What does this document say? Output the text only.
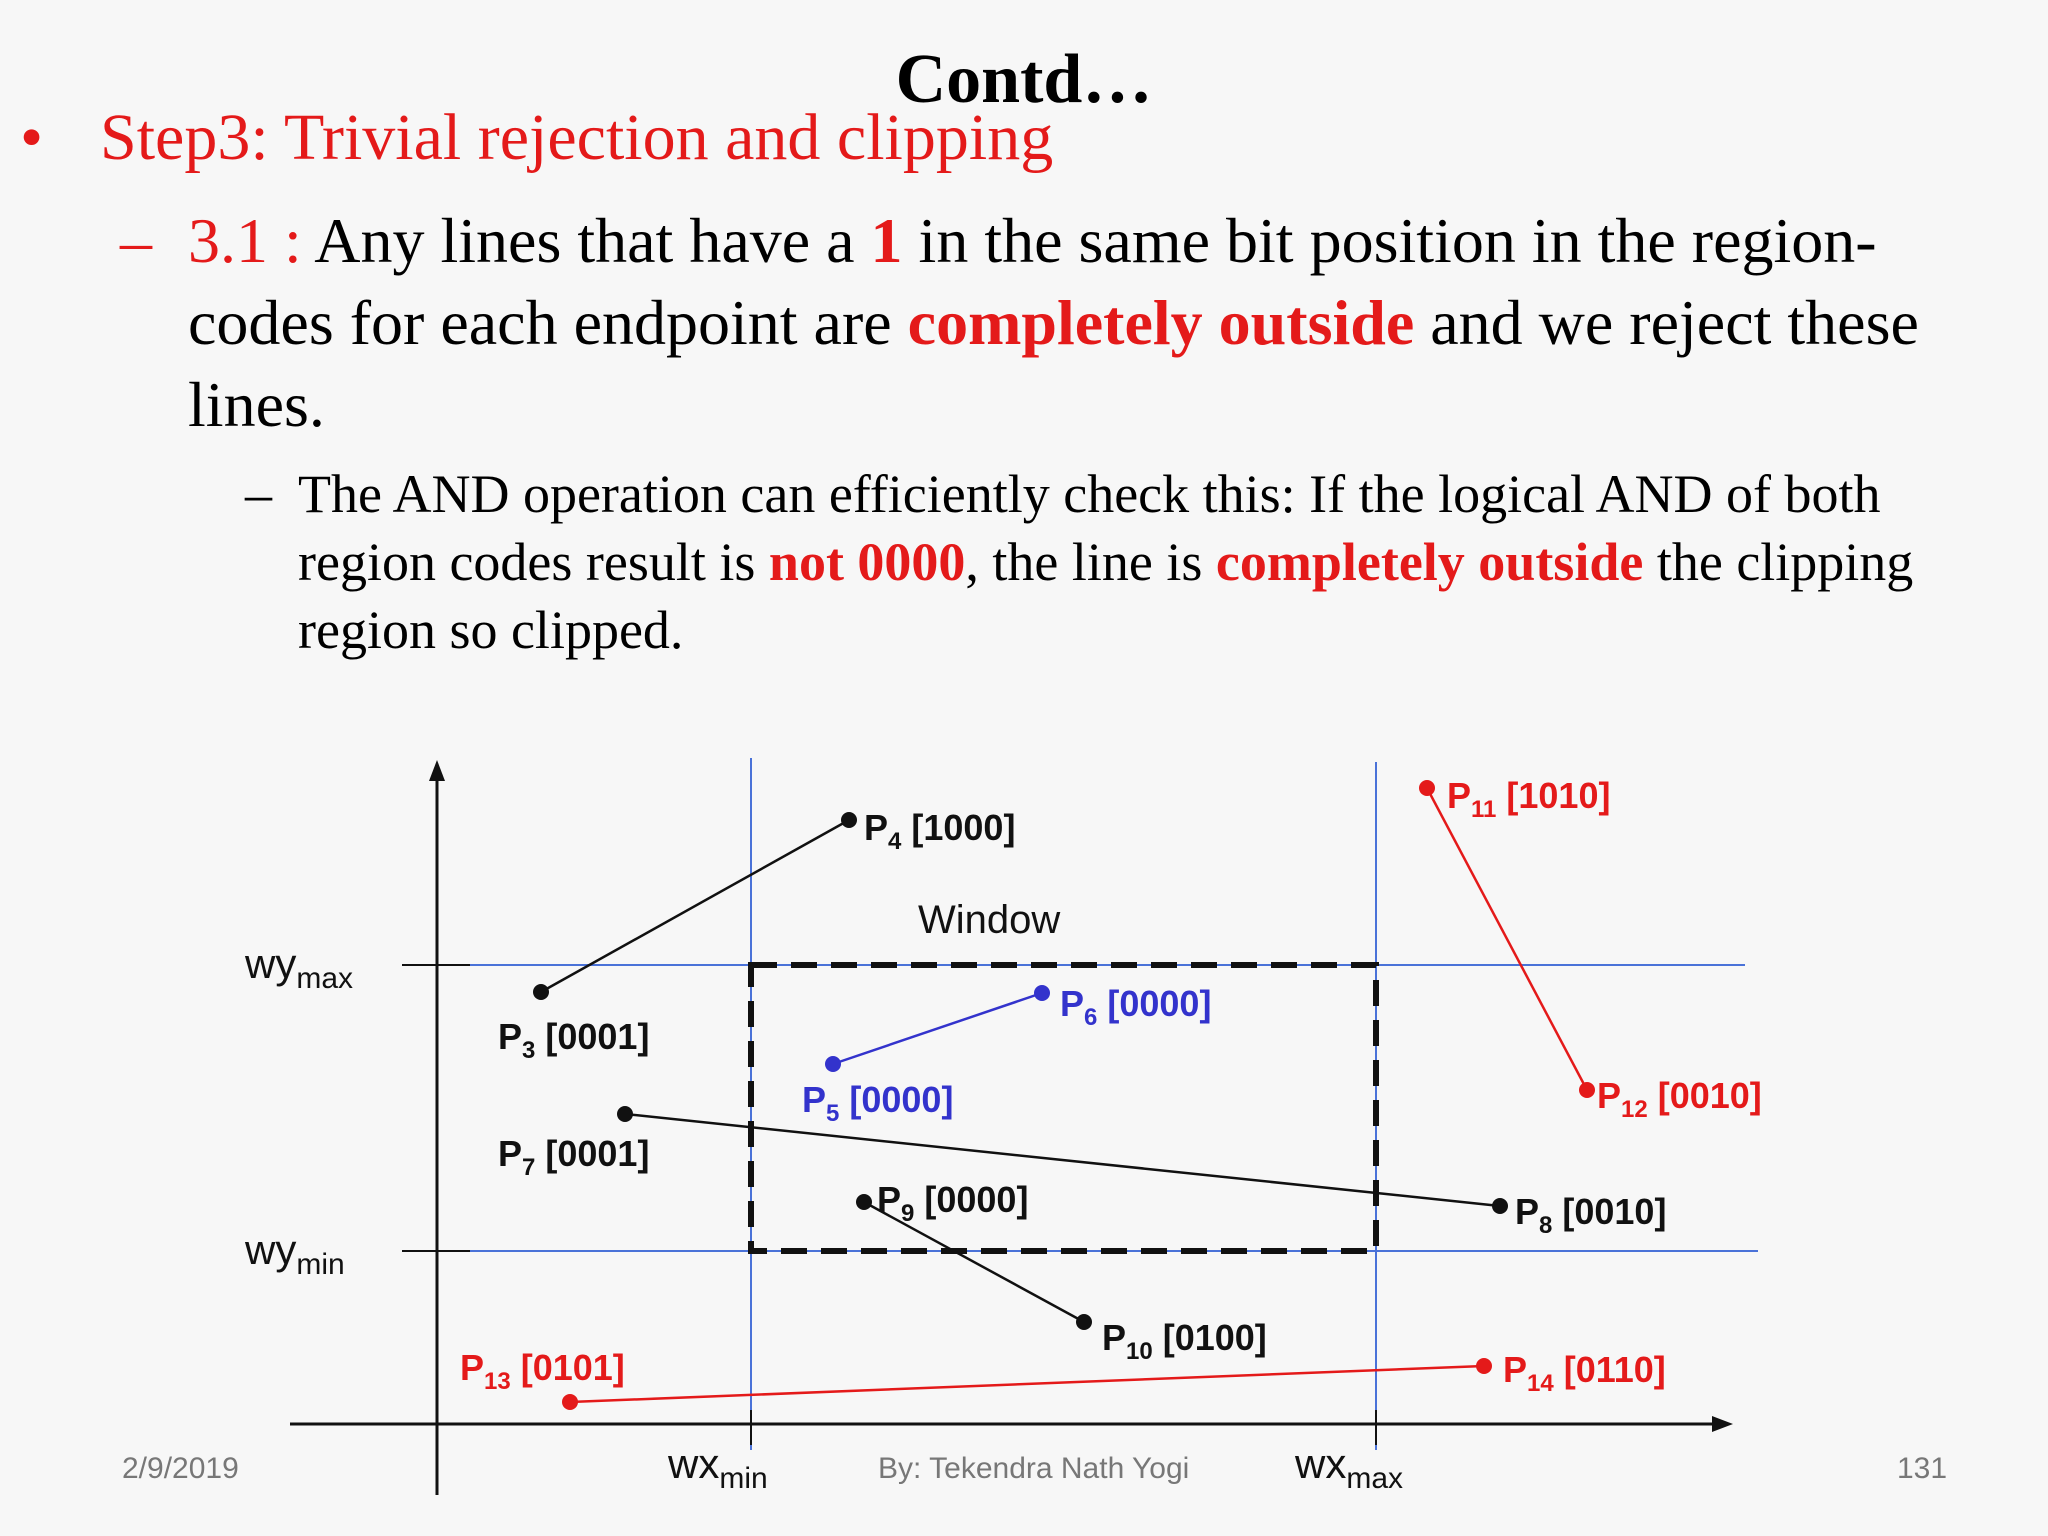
Contd…
• Step3: Trivial rejection and clipping
– 3.1 : Any lines that have a 1 in the same bit position in the region-codes for each endpoint are completely outside and we reject these lines.
– The AND operation can efficiently check this: If the logical AND of both region codes result is not 0000, the line is completely outside the clipping region so clipped.
Window
$wy_{max}$
$wy_{min}$
$wx_{min}$	$wx_{max}$
$P_3$ [0001]
$P_4$ [1000]
$P_5$ [0000]
$P_6$ [0000]
$P_7$ [0001]
$P_8$ [0010]
$P_9$ [0000]
$P_{10}$ [0100]
$P_{11}$ [1010]
$P_{12}$ [0010]
$P_{13}$ [0101]	$P_{14}$ [0110]
2/9/2019	By: Tekendra Nath Yogi	131
